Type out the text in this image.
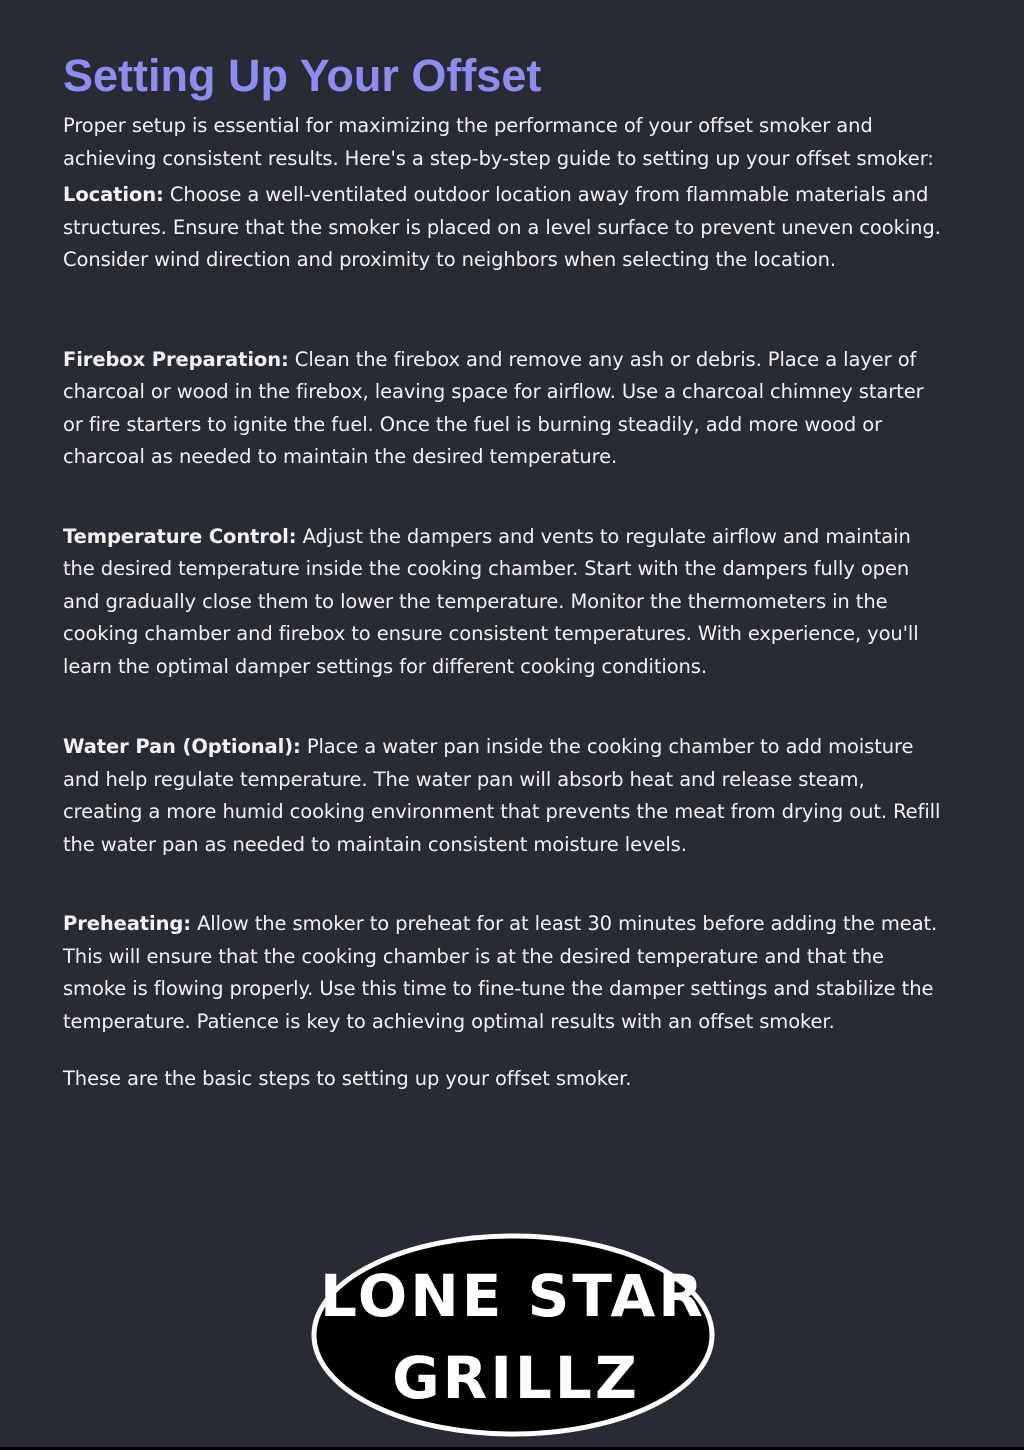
Setting Up Your Offset

Proper setup is essential for maximizing the performance of your offset smoker and achieving consistent results. Here's a step-by-step guide to setting up your offset smoker:

Location: Choose a well-ventilated outdoor location away from flammable materials and structures. Ensure that the smoker is placed on a level surface to prevent uneven cooking. Consider wind direction and proximity to neighbors when selecting the location.

Firebox Preparation: Clean the firebox and remove any ash or debris. Place a layer of charcoal or wood in the firebox, leaving space for airflow. Use a charcoal chimney starter or fire starters to ignite the fuel. Once the fuel is burning steadily, add more wood or charcoal as needed to maintain the desired temperature.

Temperature Control: Adjust the dampers and vents to regulate airflow and maintain the desired temperature inside the cooking chamber. Start with the dampers fully open and gradually close them to lower the temperature. Monitor the thermometers in the cooking chamber and firebox to ensure consistent temperatures. With experience, you'll learn the optimal damper settings for different cooking conditions.

Water Pan (Optional): Place a water pan inside the cooking chamber to add moisture and help regulate temperature. The water pan will absorb heat and release steam, creating a more humid cooking environment that prevents the meat from drying out. Refill the water pan as needed to maintain consistent moisture levels.

Preheating: Allow the smoker to preheat for at least 30 minutes before adding the meat. This will ensure that the cooking chamber is at the desired temperature and that the smoke is flowing properly. Use this time to fine-tune the damper settings and stabilize the temperature. Patience is key to achieving optimal results with an offset smoker.

These are the basic steps to setting up your offset smoker.

LONE STAR
GRILLZ
